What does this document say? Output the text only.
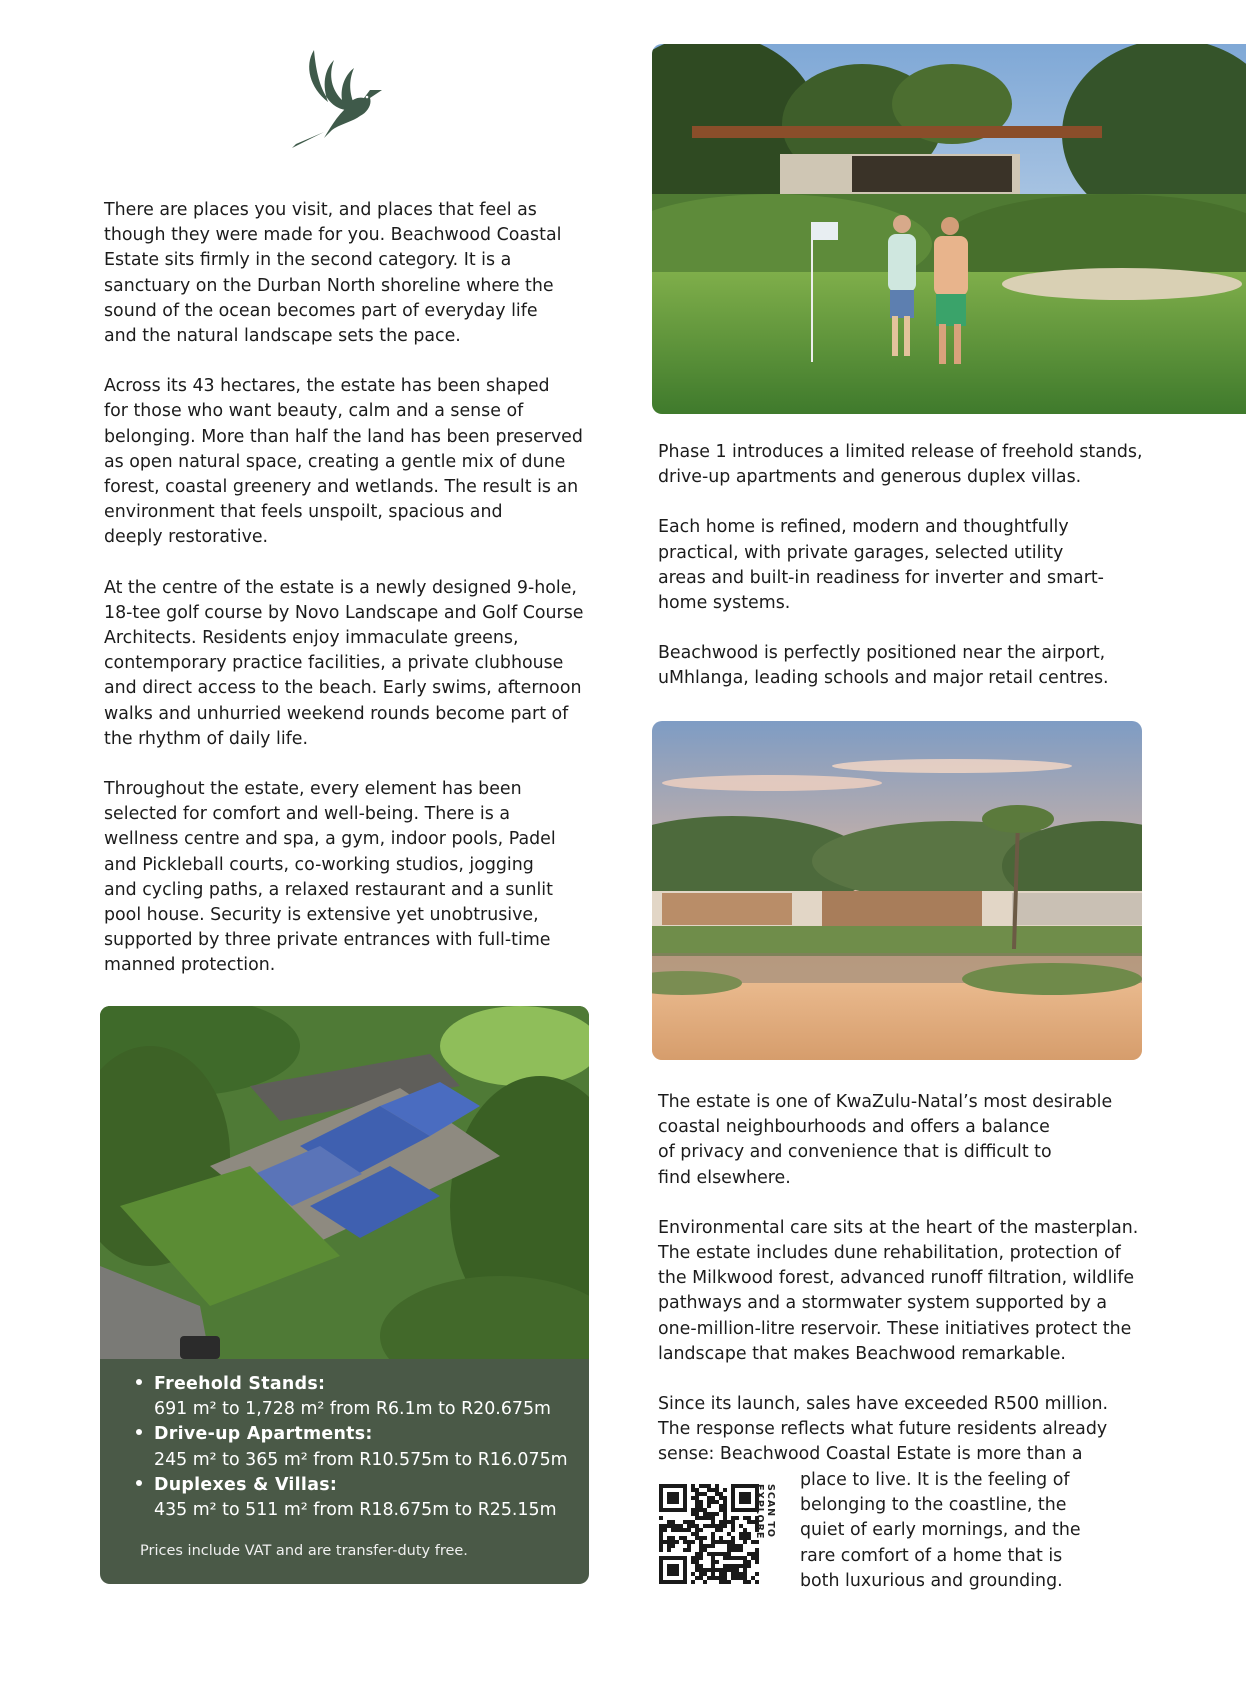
There are places you visit, and places that feel as
though they were made for you. Beachwood Coastal
Estate sits firmly in the second category. It is a
sanctuary on the Durban North shoreline where the
sound of the ocean becomes part of everyday life
and the natural landscape sets the pace.

Across its 43 hectares, the estate has been shaped
for those who want beauty, calm and a sense of
belonging. More than half the land has been preserved
as open natural space, creating a gentle mix of dune
forest, coastal greenery and wetlands. The result is an
environment that feels unspoilt, spacious and
deeply restorative.

At the centre of the estate is a newly designed 9-hole,
18-tee golf course by Novo Landscape and Golf Course
Architects. Residents enjoy immaculate greens,
contemporary practice facilities, a private clubhouse
and direct access to the beach. Early swims, afternoon
walks and unhurried weekend rounds become part of
the rhythm of daily life.

Throughout the estate, every element has been
selected for comfort and well-being. There is a
wellness centre and spa, a gym, indoor pools, Padel
and Pickleball courts, co-working studios, jogging
and cycling paths, a relaxed restaurant and a sunlit
pool house. Security is extensive yet unobtrusive,
supported by three private entrances with full-time
manned protection.

Phase 1 introduces a limited release of freehold stands,
drive-up apartments and generous duplex villas.

Each home is refined, modern and thoughtfully
practical, with private garages, selected utility
areas and built-in readiness for inverter and smart-
home systems.

Beachwood is perfectly positioned near the airport,
uMhlanga, leading schools and major retail centres.

The estate is one of KwaZulu-Natal’s most desirable
coastal neighbourhoods and offers a balance
of privacy and convenience that is difficult to
find elsewhere.

Environmental care sits at the heart of the masterplan.
The estate includes dune rehabilitation, protection of
the Milkwood forest, advanced runoff filtration, wildlife
pathways and a stormwater system supported by a
one-million-litre reservoir. These initiatives protect the
landscape that makes Beachwood remarkable.

Since its launch, sales have exceeded R500 million.
The response reflects what future residents already
sense: Beachwood Coastal Estate is more than a

place to live. It is the feeling of
belonging to the coastline, the
quiet of early mornings, and the
rare comfort of a home that is
both luxurious and grounding.

SCAN TO EXPLORE
Freehold Stands:
691 m² to 1,728 m² from R6.1m to R20.675m
Drive-up Apartments:
245 m² to 365 m² from R10.575m to R16.075m
Duplexes & Villas:
435 m² to 511 m² from R18.675m to R25.15m
Prices include VAT and are transfer-duty free.
